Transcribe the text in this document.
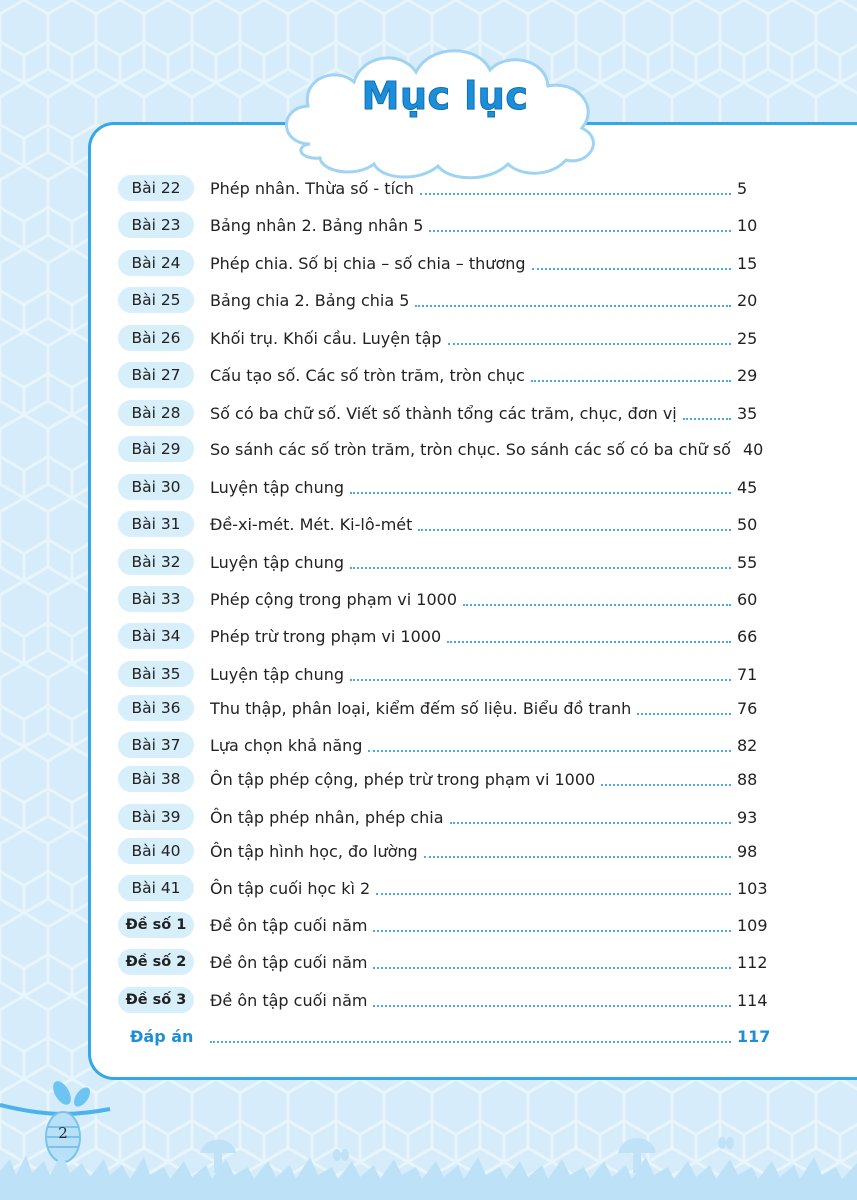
Mục lục
Bài 22	Phép nhân. Thừa số - tích	5
Bài 23	Bảng nhân 2. Bảng nhân 5	10
Bài 24	Phép chia. Số bị chia – số chia – thương	15
Bài 25	Bảng chia 2. Bảng chia 5	20
Bài 26	Khối trụ. Khối cầu. Luyện tập	25
Bài 27	Cấu tạo số. Các số tròn trăm, tròn chục	29
Bài 28	Số có ba chữ số. Viết số thành tổng các trăm, chục, đơn vị	35
Bài 29	So sánh các số tròn trăm, tròn chục. So sánh các số có ba chữ số 40
Bài 30	Luyện tập chung	45
Bài 31	Đề-xi-mét. Mét. Ki-lô-mét	50
Bài 32	Luyện tập chung	55
Bài 33	Phép cộng trong phạm vi 1000	60
Bài 34	Phép trừ trong phạm vi 1000	66
Bài 35	Luyện tập chung	71
Bài 36	Thu thập, phân loại, kiểm đếm số liệu. Biểu đồ tranh	76
Bài 37	Lựa chọn khả năng	82
Bài 38	Ôn tập phép cộng, phép trừ trong phạm vi 1000	88
Bài 39	Ôn tập phép nhân, phép chia	93
Bài 40	Ôn tập hình học, đo lường	98
Bài 41	Ôn tập cuối học kì 2	103
Đề số 1	Đề ôn tập cuối năm	109
Đề số 2	Đề ôn tập cuối năm	112
Đề số 3	Đề ôn tập cuối năm	114
Đáp án	117
2
